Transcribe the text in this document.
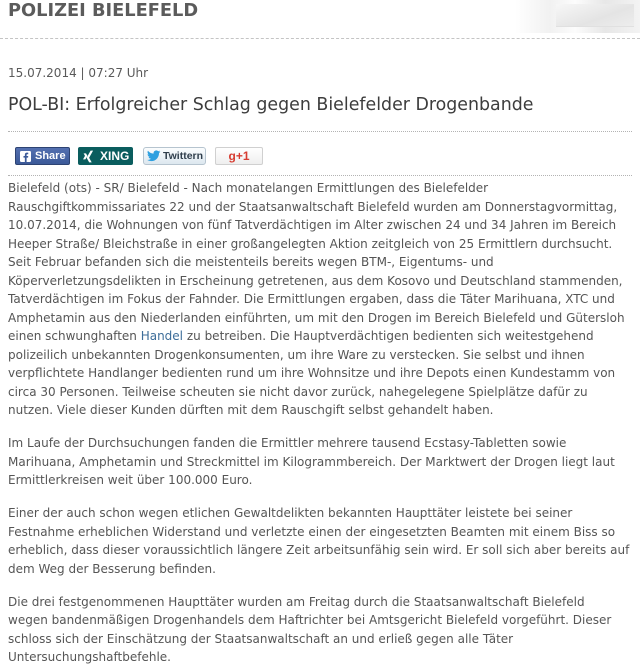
POLIZEI BIELEFELD
15.07.2014 | 07:27 Uhr
POL-BI: Erfolgreicher Schlag gegen Bielefelder Drogenbande
Share	XING	Twittern g+1
Bielefeld (ots) - SR/ Bielefeld - Nach monatelangen Ermittlungen des Bielefelder
Rauschgiftkommissariates 22 und der Staatsanwaltschaft Bielefeld wurden am Donnerstagvormittag,
10.07.2014, die Wohnungen von fünf Tatverdächtigen im Alter zwischen 24 und 34 Jahren im Bereich
Heeper Straße/ Bleichstraße in einer großangelegten Aktion zeitgleich von 25 Ermittlern durchsucht.
Seit Februar befanden sich die meistenteils bereits wegen BTM-, Eigentums- und
Köperverletzungsdelikten in Erscheinung getretenen, aus dem Kosovo und Deutschland stammenden,
Tatverdächtigen im Fokus der Fahnder. Die Ermittlungen ergaben, dass die Täter Marihuana, XTC und
Amphetamin aus den Niederlanden einführten, um mit den Drogen im Bereich Bielefeld und Gütersloh
einen schwunghaften Handel zu betreiben. Die Hauptverdächtigen bedienten sich weitestgehend
polizeilich unbekannten Drogenkonsumenten, um ihre Ware zu verstecken. Sie selbst und ihnen
verpflichtete Handlanger bedienten rund um ihre Wohnsitze und ihre Depots einen Kundestamm von
circa 30 Personen. Teilweise scheuten sie nicht davor zurück, nahegelegene Spielplätze dafür zu
nutzen. Viele dieser Kunden dürften mit dem Rauschgift selbst gehandelt haben.
Im Laufe der Durchsuchungen fanden die Ermittler mehrere tausend Ecstasy-Tabletten sowie
Marihuana, Amphetamin und Streckmittel im Kilogrammbereich. Der Marktwert der Drogen liegt laut
Ermittlerkreisen weit über 100.000 Euro.
Einer der auch schon wegen etlichen Gewaltdelikten bekannten Haupttäter leistete bei seiner
Festnahme erheblichen Widerstand und verletzte einen der eingesetzten Beamten mit einem Biss so
erheblich, dass dieser voraussichtlich längere Zeit arbeitsunfähig sein wird. Er soll sich aber bereits auf
dem Weg der Besserung befinden.
Die drei festgenommenen Haupttäter wurden am Freitag durch die Staatsanwaltschaft Bielefeld
wegen bandenmäßigen Drogenhandels dem Haftrichter bei Amtsgericht Bielefeld vorgeführt. Dieser
schloss sich der Einschätzung der Staatsanwaltschaft an und erließ gegen alle Täter
Untersuchungshaftbefehle.
